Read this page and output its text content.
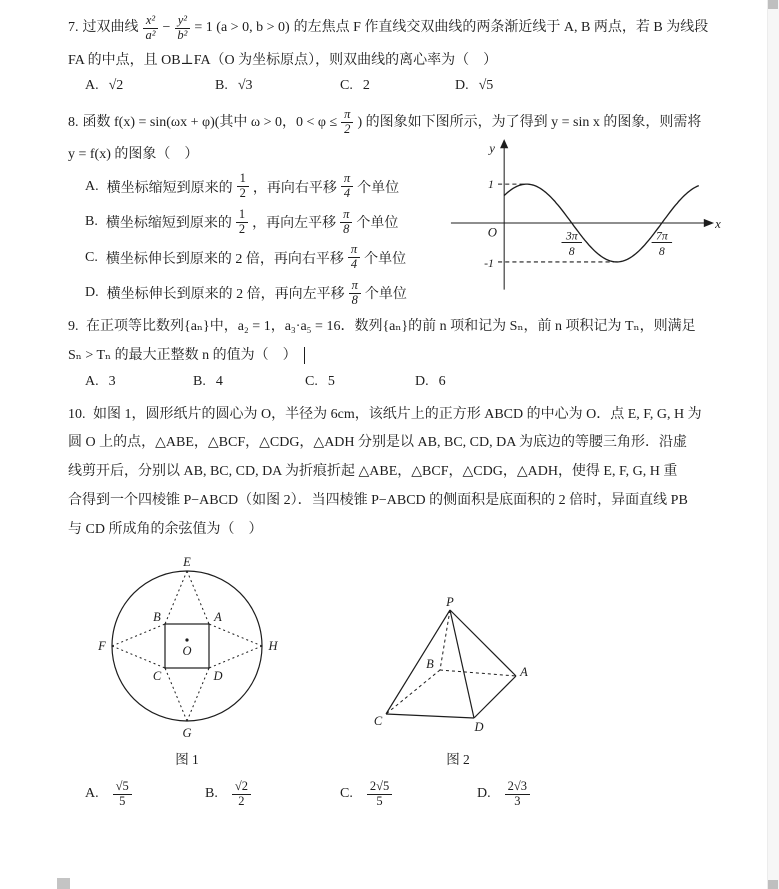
7. 过双曲线 $\frac{\text{x²}}{\text{a²}} - \frac{\text{y²}}{\text{b²}} = 1$ (a > 0, b > 0) 的左焦点 F 作直线交双曲线的两条渐近线于 A, B 两点，若 B 为线段
FA 的中点，且 OB⊥FA（O 为坐标原点），则双曲线的离心率为（　）
A. √2	B. √3	C. 2	D. √5
8. 函数 f(x) = sin(ωx + φ)(其中 ω > 0，$0 < \varphi \le \frac{\pi}{2}$ ) 的图象如下图所示，为了得到 y = sin x 的图象，则需将
y = f(x) 的图象（　）
A. 横坐标缩短到原来的 $\frac{1}{2}$ ，再向右平移 $\frac{\pi}{4}$ 个单位
B. 横坐标缩短到原来的 $\frac{1}{2}$ ，再向左平移 $\frac{\pi}{8}$ 个单位
C. 横坐标伸长到原来的 2 倍，再向右平移 $\frac{\pi}{4}$ 个单位
D. 横坐标伸长到原来的 2 倍，再向左平移 $\frac{\pi}{8}$ 个单位
y
x
O
1
-1
3π
8
7π
8
9. 在正项等比数列{aₙ}中，a₂ = 1，a₃·a₅ = 16．数列{aₙ}的前 n 项和记为 Sₙ，前 n 项积记为 Tₙ，则满足
Sₙ > Tₙ 的最大正整数 n 的值为（　）
A. 3	B. 4	C. 5	D. 6
10. 如图 1，圆形纸片的圆心为 O，半径为 6cm，该纸片上的正方形 ABCD 的中心为 O．点 E, F, G, H 为
圆 O 上的点，△ABE，△BCF，△CDG，△ADH 分别是以 AB, BC, CD, DA 为底边的等腰三角形．沿虚
线剪开后，分别以 AB, BC, CD, DA 为折痕折起 △ABE，△BCF，△CDG，△ADH，使得 E, F, G, H 重
合得到一个四棱锥 P−ABCD（如图 2）．当四棱锥 P−ABCD 的侧面积是底面积的 2 倍时，异面直线 PB
与 CD 所成角的余弦值为（　）
E
F
G
H
A
B
C	D
O
图 1
P
B
C	D
A
图 2
A. $\frac{√5}{5}$	B. $\frac{√2}{2}$	C. $\frac{2√5}{5}$	D. $\frac{2√3}{3}$
